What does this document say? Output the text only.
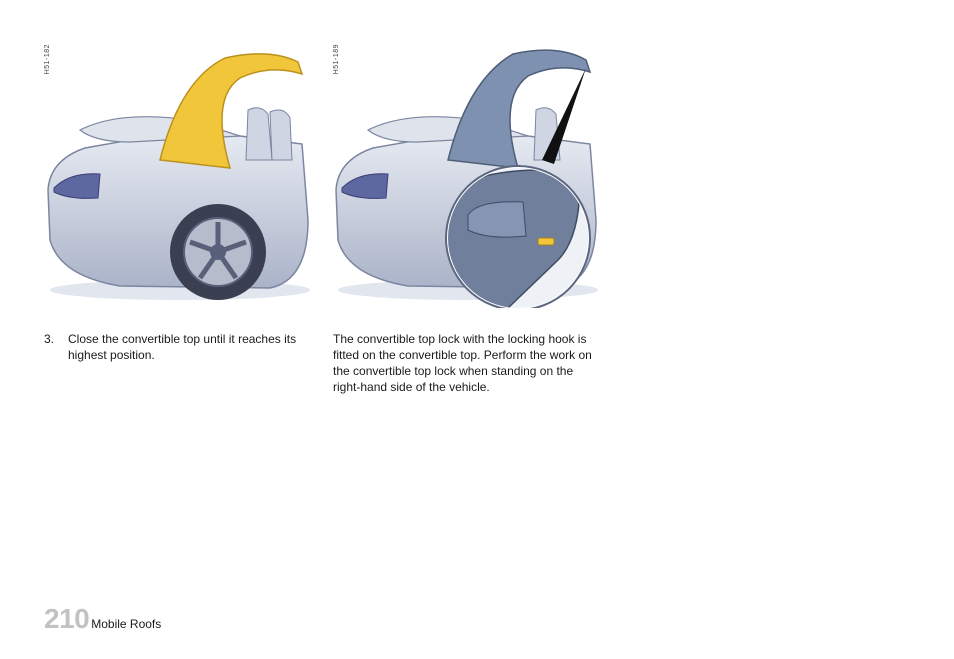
H51-182	H51-189
3. Close the convertible top until it reaches its highest position.
The convertible top lock with the locking hook is fitted on the convertible top. Perform the work on the convertible top lock when standing on the right-hand side of the vehicle.
210 Mobile Roofs
